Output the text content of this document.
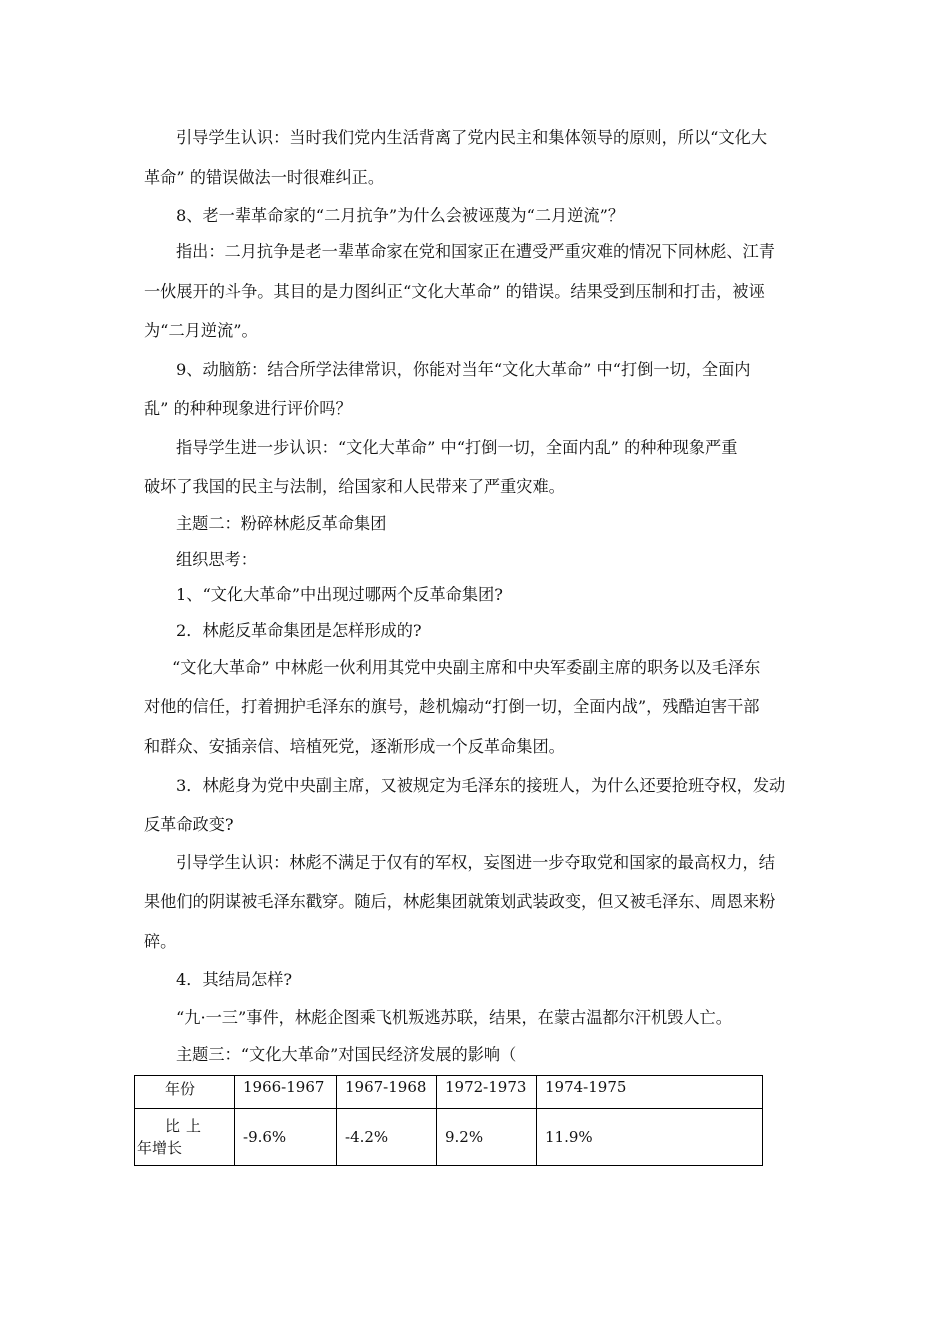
引导学生认识：当时我们党内生活背离了党内民主和集体领导的原则，所以“文化大
革命” 的错误做法一时很难纠正。
8、老一辈革命家的“二月抗争”为什么会被诬蔑为“二月逆流”？
指出：二月抗争是老一辈革命家在党和国家正在遭受严重灾难的情况下同林彪、江青
一伙展开的斗争。其目的是力图纠正“文化大革命” 的错误。结果受到压制和打击，被诬
为“二月逆流”。
9、动脑筋：结合所学法律常识，你能对当年“文化大革命” 中“打倒一切，全面内
乱” 的种种现象进行评价吗？
指导学生进一步认识：“文化大革命” 中“打倒一切，全面内乱” 的种种现象严重
破坏了我国的民主与法制，给国家和人民带来了严重灾难。
主题二：粉碎林彪反革命集团
组织思考：
1、“文化大革命”中出现过哪两个反革命集团?
2．林彪反革命集团是怎样形成的?
“文化大革命” 中林彪一伙利用其党中央副主席和中央军委副主席的职务以及毛泽东
对他的信任，打着拥护毛泽东的旗号，趁机煽动“打倒一切，全面内战”，残酷迫害干部
和群众、安插亲信、培植死党，逐渐形成一个反革命集团。
3．林彪身为党中央副主席，又被规定为毛泽东的接班人，为什么还要抢班夺权，发动
反革命政变?
引导学生认识：林彪不满足于仅有的军权，妄图进一步夺取党和国家的最高权力，结
果他们的阴谋被毛泽东戳穿。随后，林彪集团就策划武装政变，但又被毛泽东、周恩来粉
碎。
4．其结局怎样?
“九·一三”事件，林彪企图乘飞机叛逃苏联，结果，在蒙古温都尔汗机毁人亡。
主题三：“文化大革命”对国民经济发展的影响（
年份	1966-1967	1967-1968	1972-1973	1974-1975

比上
年增长	-9.6%	-4.2%	9.2%	11.9%
